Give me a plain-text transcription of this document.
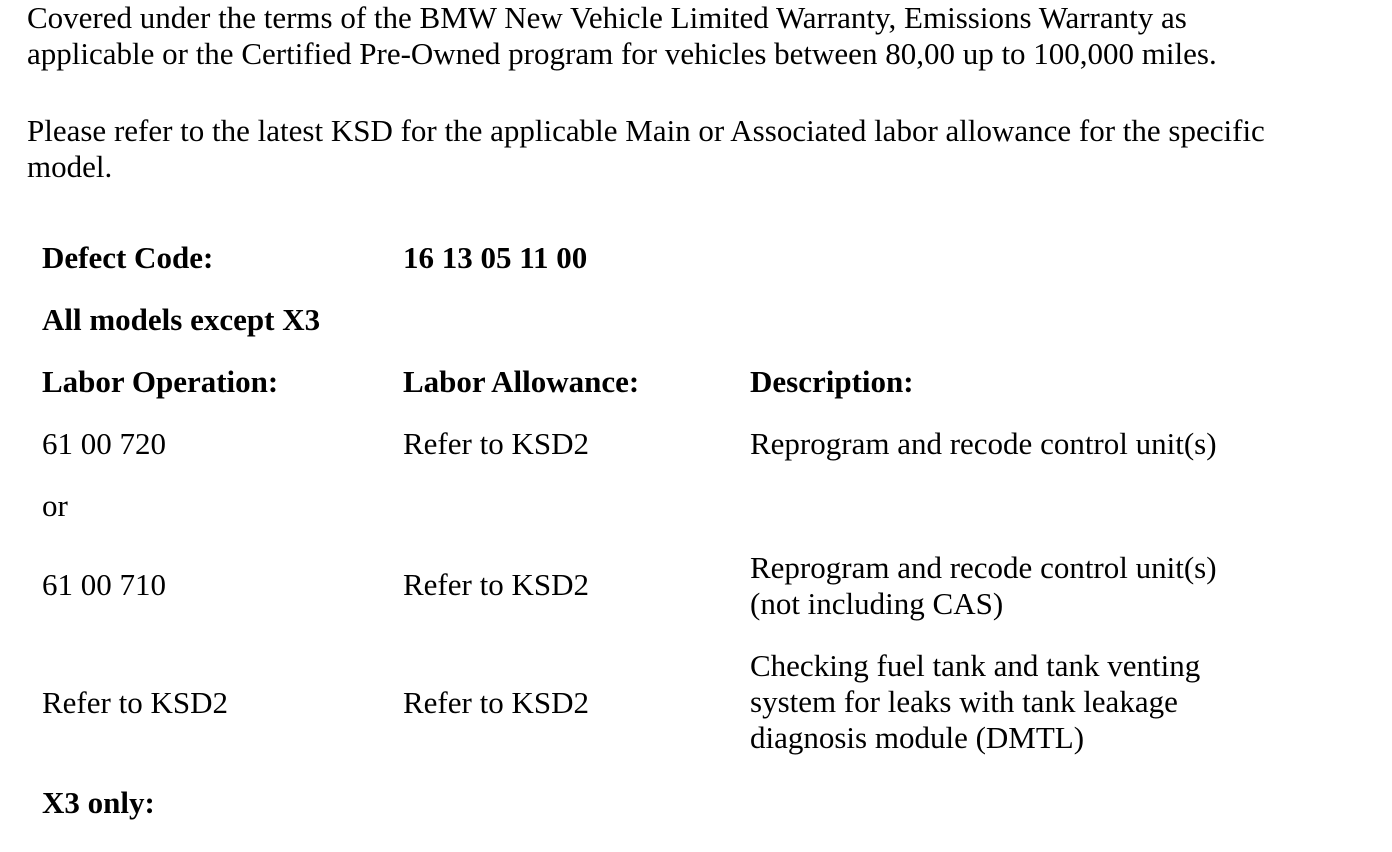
Covered under the terms of the BMW New Vehicle Limited Warranty, Emissions Warranty as
applicable or the Certified Pre-Owned program for vehicles between 80,00 up to 100,000 miles.

Please refer to the latest KSD for the applicable Main or Associated labor allowance for the specific
model.

Defect Code:	16 13 05 11 00
All models except X3
Labor Operation:	Labor Allowance:	Description:
61 00 720	Refer to KSD2	Reprogram and recode control unit(s)
or
61 00 710	Refer to KSD2	Reprogram and recode control unit(s)
(not including CAS)
Refer to KSD2	Refer to KSD2
Checking fuel tank and tank venting
system for leaks with tank leakage
diagnosis module (DMTL)
X3 only:
